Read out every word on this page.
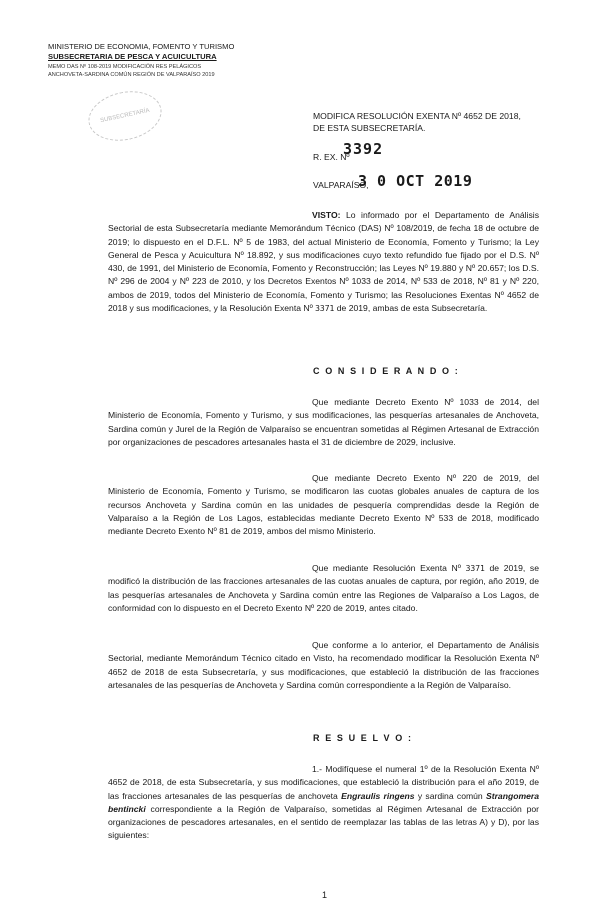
MINISTERIO DE ECONOMIA, FOMENTO Y TURISMO
SUBSECRETARIA DE PESCA Y ACUICULTURA
MEMO DAS Nº 108-2019 MODIFICACIÓN RES PELÁGICOS
ANCHOVETA-SARDINA COMÚN REGIÓN DE VALPARAÍSO 2019
SUBSECRETARÍA	MODIFICA RESOLUCIÓN EXENTA Nº 4652 DE 2018,
DE ESTA SUBSECRETARÍA.
R. EX. Nº
3392
VALPARAÍSO,
3 0 OCT 2019
VISTO: Lo informado por el Departamento de Análisis Sectorial de esta Subsecretaría mediante Memorándum Técnico (DAS) Nº 108/2019, de fecha 18 de octubre de 2019; lo dispuesto en el D.F.L. Nº 5 de 1983, del actual Ministerio de Economía, Fomento y Turismo; la Ley General de Pesca y Acuicultura Nº 18.892, y sus modificaciones cuyo texto refundido fue fijado por el D.S. Nº 430, de 1991, del Ministerio de Economía, Fomento y Reconstrucción; las Leyes Nº 19.880 y Nº 20.657; los D.S. Nº 296 de 2004 y Nº 223 de 2010, y los Decretos Exentos Nº 1033 de 2014, Nº 533 de 2018, Nº 81 y Nº 220, ambos de 2019, todos del Ministerio de Economía, Fomento y Turismo; las Resoluciones Exentas Nº 4652 de 2018 y sus modificaciones, y la Resolución Exenta Nº 3371 de 2019, ambas de esta Subsecretaría.
C O N S I D E R A N D O :
Que mediante Decreto Exento Nº 1033 de 2014, del Ministerio de Economía, Fomento y Turismo, y sus modificaciones, las pesquerías artesanales de Anchoveta, Sardina común y Jurel de la Región de Valparaíso se encuentran sometidas al Régimen Artesanal de Extracción por organizaciones de pescadores artesanales hasta el 31 de diciembre de 2029, inclusive.
Que mediante Decreto Exento Nº 220 de 2019, del Ministerio de Economía, Fomento y Turismo, se modificaron las cuotas globales anuales de captura de los recursos Anchoveta y Sardina común en las unidades de pesquería comprendidas desde la Región de Valparaíso a la Región de Los Lagos, establecidas mediante Decreto Exento Nº 533 de 2018, modificado mediante Decreto Exento Nº 81 de 2019, ambos del mismo Ministerio.
Que mediante Resolución Exenta Nº 3371 de 2019, se modificó la distribución de las fracciones artesanales de las cuotas anuales de captura, por región, año 2019, de las pesquerías artesanales de Anchoveta y Sardina común entre las Regiones de Valparaíso a Los Lagos, de conformidad con lo dispuesto en el Decreto Exento Nº 220 de 2019, antes citado.
Que conforme a lo anterior, el Departamento de Análisis Sectorial, mediante Memorándum Técnico citado en Visto, ha recomendado modificar la Resolución Exenta Nº 4652 de 2018 de esta Subsecretaría, y sus modificaciones, que estableció la distribución de las fracciones artesanales de las pesquerías de Anchoveta y Sardina común correspondiente a la Región de Valparaíso.
R E S U E L V O :
1.- Modifíquese el numeral 1º de la Resolución Exenta Nº 4652 de 2018, de esta Subsecretaría, y sus modificaciones, que estableció la distribución para el año 2019, de las fracciones artesanales de las pesquerías de anchoveta Engraulis ringens y sardina común Strangomera bentincki correspondiente a la Región de Valparaíso, sometidas al Régimen Artesanal de Extracción por organizaciones de pescadores artesanales, en el sentido de reemplazar las tablas de las letras A) y D), por las siguientes:
1
